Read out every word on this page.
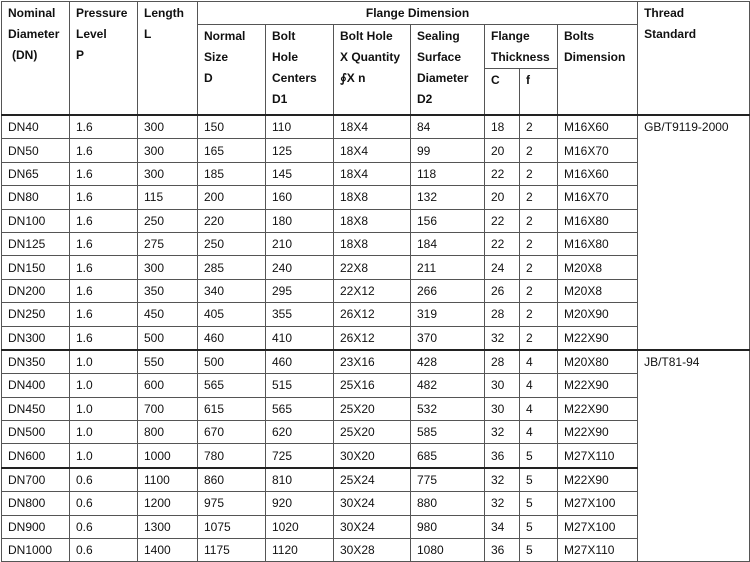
Nominal
Diameter
(DN)	Pressure
Level
P	Length
L	Flange Dimension							Thread
Standard
			Normal
Size
D	Bolt
Hole
Centers
D1	Bolt Hole
X Quantity
∮X n	Sealing
Surface
Diameter
D2	Flange
Thickness		Bolts
Dimension	
							C	f		

DN40	1.6	300	150	110	18X4	84	18	2	M16X60	GB/T9119-2000
DN50	1.6	300	165	125	18X4	99	20	2	M16X70	
DN65	1.6	300	185	145	18X4	118	22	2	M16X60	
DN80	1.6	115	200	160	18X8	132	20	2	M16X70	
DN100	1.6	250	220	180	18X8	156	22	2	M16X80	
DN125	1.6	275	250	210	18X8	184	22	2	M16X80	
DN150	1.6	300	285	240	22X8	211	24	2	M20X8	
DN200	1.6	350	340	295	22X12	266	26	2	M20X8	
DN250	1.6	450	405	355	26X12	319	28	2	M20X90	
DN300	1.6	500	460	410	26X12	370	32	2	M22X90	
DN350	1.0	550	500	460	23X16	428	28	4	M20X80	JB/T81-94
DN400	1.0	600	565	515	25X16	482	30	4	M22X90	
DN450	1.0	700	615	565	25X20	532	30	4	M22X90	
DN500	1.0	800	670	620	25X20	585	32	4	M22X90	
DN600	1.0	1000	780	725	30X20	685	36	5	M27X110	
DN700	0.6	1100	860	810	25X24	775	32	5	M22X90	
DN800	0.6	1200	975	920	30X24	880	32	5	M27X100	
DN900	0.6	1300	1075	1020	30X24	980	34	5	M27X100	
DN1000	0.6	1400	1175	1120	30X28	1080	36	5	M27X110	
